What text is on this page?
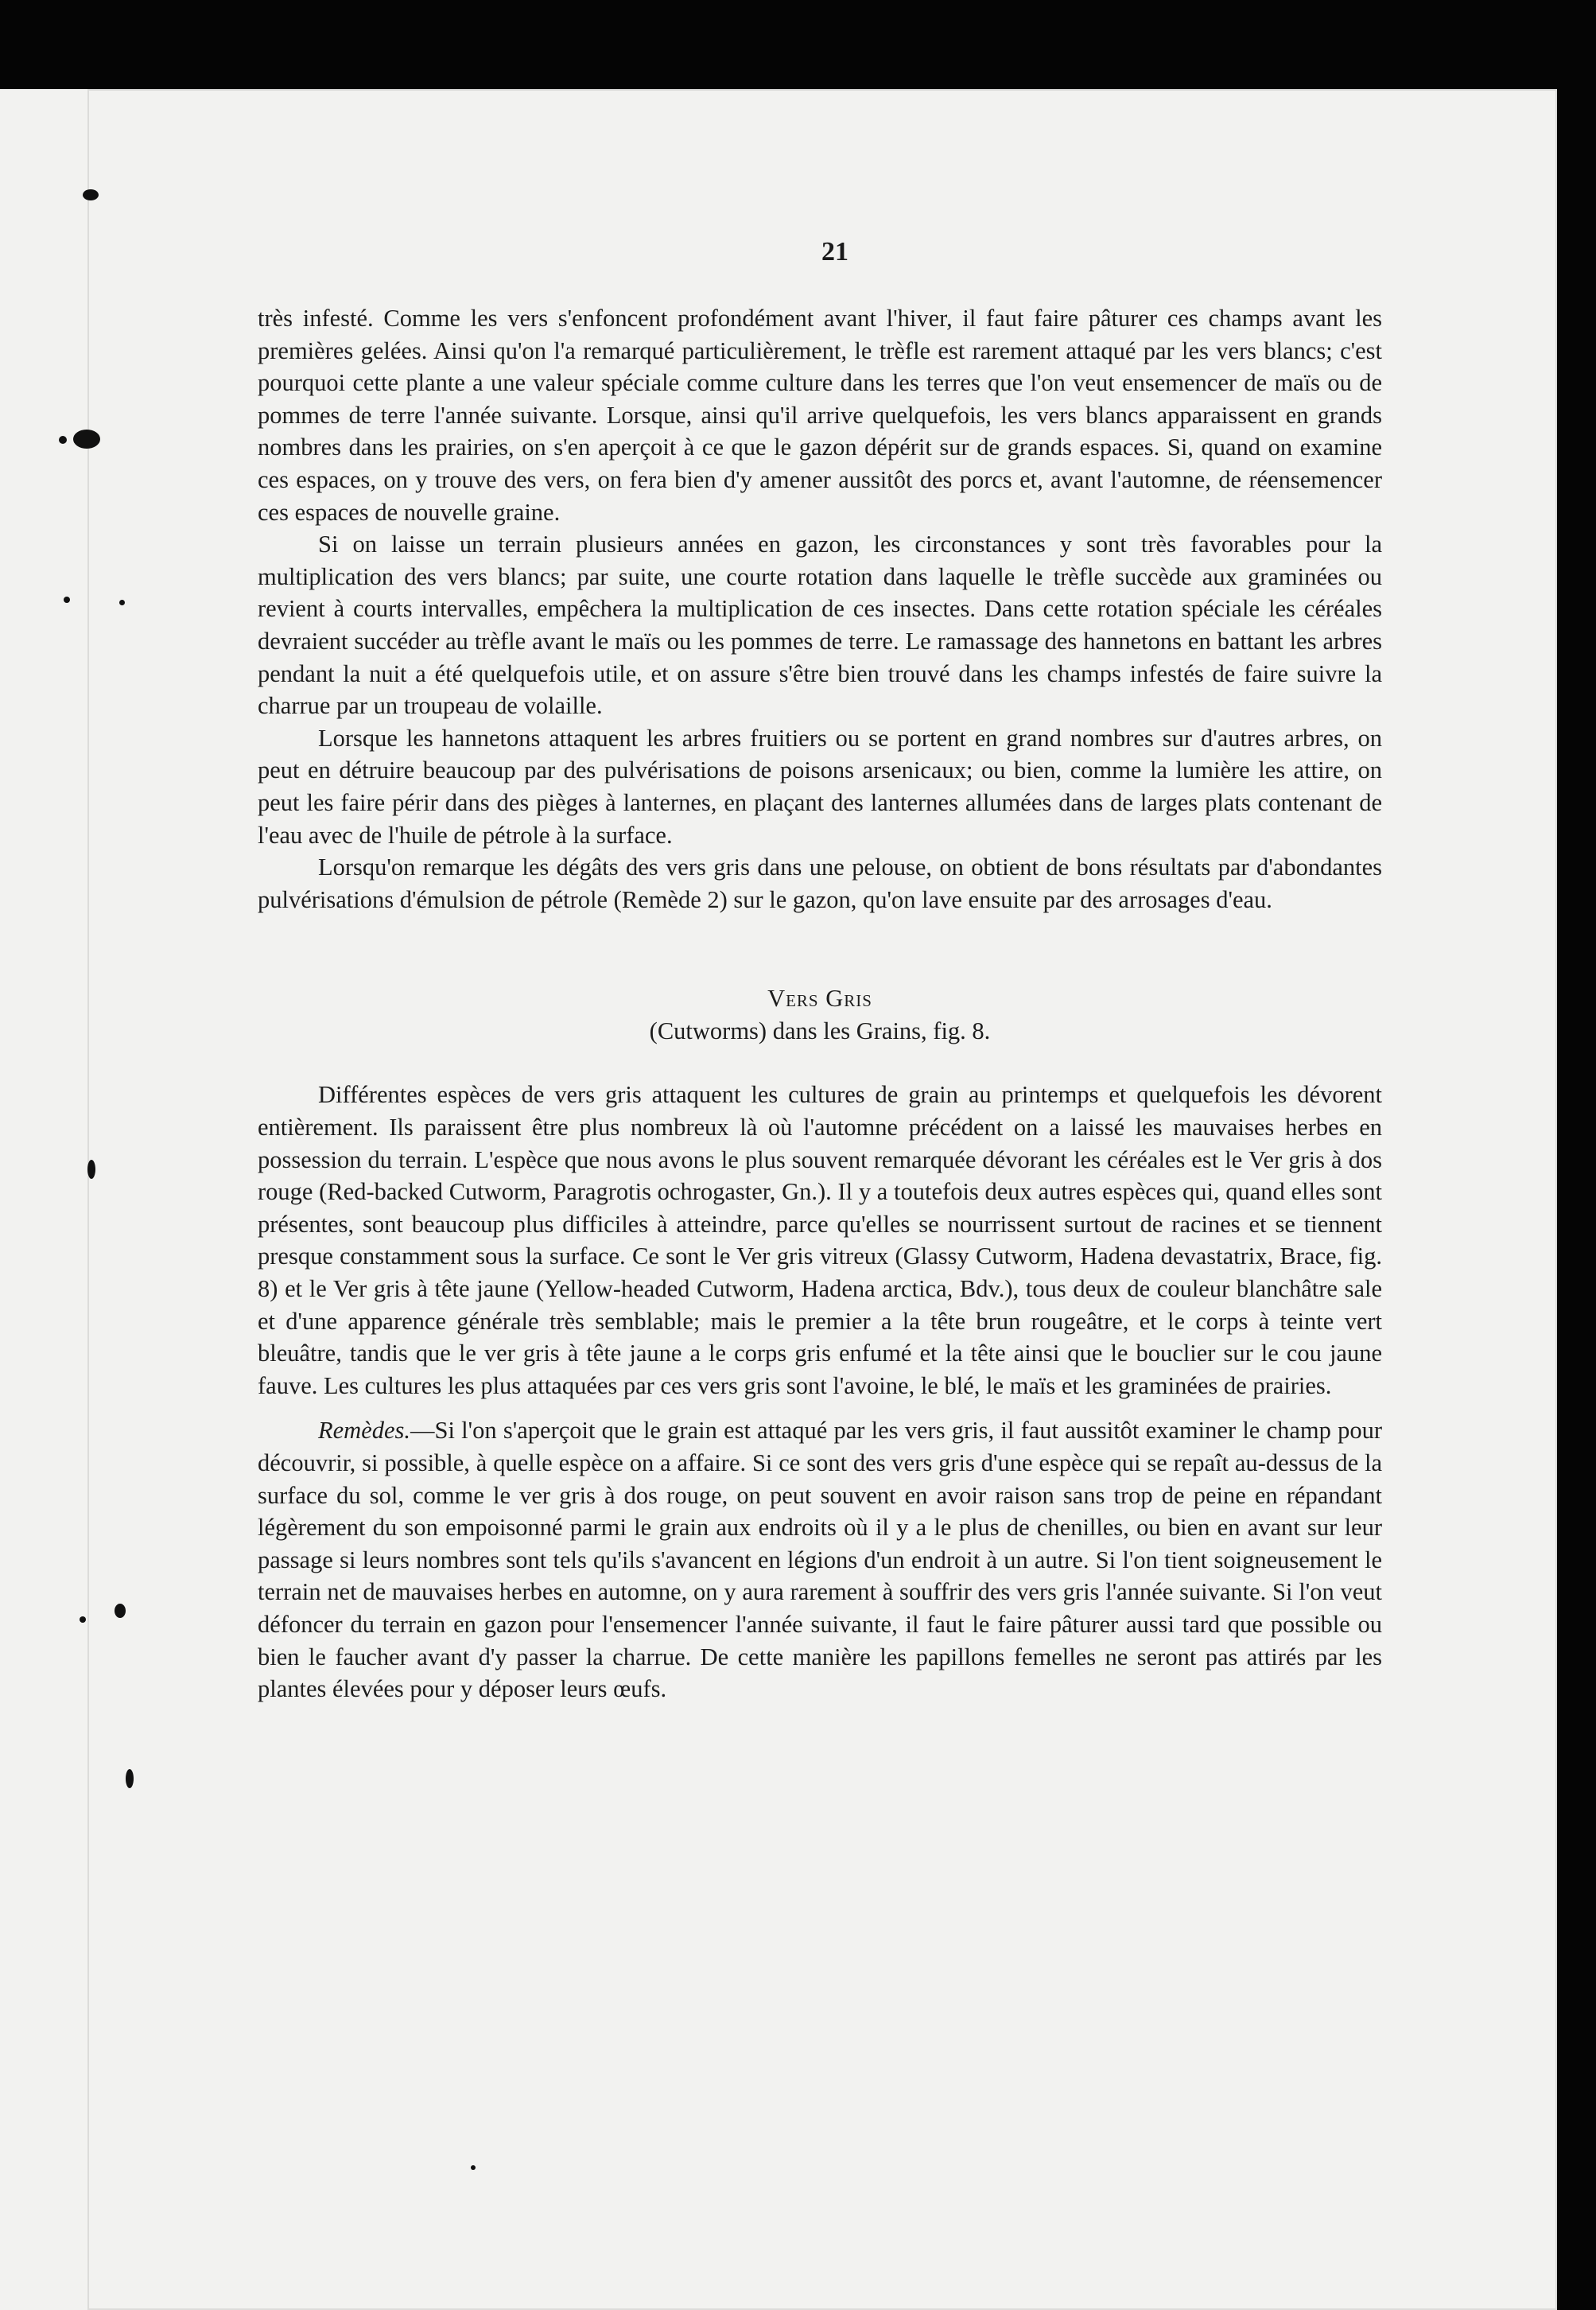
21

très infesté. Comme les vers s'enfoncent profondément avant l'hiver, il faut faire pâturer ces champs avant les premières gelées. Ainsi qu'on l'a remarqué particulièrement, le trèfle est rarement attaqué par les vers blancs; c'est pourquoi cette plante a une valeur spéciale comme culture dans les terres que l'on veut ensemencer de maïs ou de pommes de terre l'année suivante. Lorsque, ainsi qu'il arrive quelquefois, les vers blancs apparaissent en grands nombres dans les prairies, on s'en aperçoit à ce que le gazon dépérit sur de grands espaces. Si, quand on examine ces espaces, on y trouve des vers, on fera bien d'y amener aussitôt des porcs et, avant l'automne, de réensemencer ces espaces de nouvelle graine.

Si on laisse un terrain plusieurs années en gazon, les circonstances y sont très favorables pour la multiplication des vers blancs; par suite, une courte rotation dans laquelle le trèfle succède aux graminées ou revient à courts intervalles, empêchera la multiplication de ces insectes. Dans cette rotation spéciale les céréales devraient succéder au trèfle avant le maïs ou les pommes de terre. Le ramassage des hannetons en battant les arbres pendant la nuit a été quelquefois utile, et on assure s'être bien trouvé dans les champs infestés de faire suivre la charrue par un troupeau de volaille.

Lorsque les hannetons attaquent les arbres fruitiers ou se portent en grand nombres sur d'autres arbres, on peut en détruire beaucoup par des pulvérisations de poisons arsenicaux; ou bien, comme la lumière les attire, on peut les faire périr dans des pièges à lanternes, en plaçant des lanternes allumées dans de larges plats contenant de l'eau avec de l'huile de pétrole à la surface.

Lorsqu'on remarque les dégâts des vers gris dans une pelouse, on obtient de bons résultats par d'abondantes pulvérisations d'émulsion de pétrole (Remède 2) sur le gazon, qu'on lave ensuite par des arrosages d'eau.

Vers Gris

(Cutworms) dans les Grains, fig. 8.

Différentes espèces de vers gris attaquent les cultures de grain au printemps et quelquefois les dévorent entièrement. Ils paraissent être plus nombreux là où l'automne précédent on a laissé les mauvaises herbes en possession du terrain. L'espèce que nous avons le plus souvent remarquée dévorant les céréales est le Ver gris à dos rouge (Red-backed Cutworm, Paragrotis ochrogaster, Gn.). Il y a toutefois deux autres espèces qui, quand elles sont présentes, sont beaucoup plus difficiles à atteindre, parce qu'elles se nourrissent surtout de racines et se tiennent presque constamment sous la surface. Ce sont le Ver gris vitreux (Glassy Cutworm, Hadena devastatrix, Brace, fig. 8) et le Ver gris à tête jaune (Yellow-headed Cutworm, Hadena arctica, Bdv.), tous deux de couleur blanchâtre sale et d'une apparence générale très semblable; mais le premier a la tête brun rougeâtre, et le corps à teinte vert bleuâtre, tandis que le ver gris à tête jaune a le corps gris enfumé et la tête ainsi que le bouclier sur le cou jaune fauve. Les cultures les plus attaquées par ces vers gris sont l'avoine, le blé, le maïs et les graminées de prairies.

Remèdes.—Si l'on s'aperçoit que le grain est attaqué par les vers gris, il faut aussitôt examiner le champ pour découvrir, si possible, à quelle espèce on a affaire. Si ce sont des vers gris d'une espèce qui se repaît au-dessus de la surface du sol, comme le ver gris à dos rouge, on peut souvent en avoir raison sans trop de peine en répandant légèrement du son empoisonné parmi le grain aux endroits où il y a le plus de chenilles, ou bien en avant sur leur passage si leurs nombres sont tels qu'ils s'avancent en légions d'un endroit à un autre. Si l'on tient soigneusement le terrain net de mauvaises herbes en automne, on y aura rarement à souffrir des vers gris l'année suivante. Si l'on veut défoncer du terrain en gazon pour l'ensemencer l'année suivante, il faut le faire pâturer aussi tard que possible ou bien le faucher avant d'y passer la charrue. De cette manière les papillons femelles ne seront pas attirés par les plantes élevées pour y déposer leurs œufs.
